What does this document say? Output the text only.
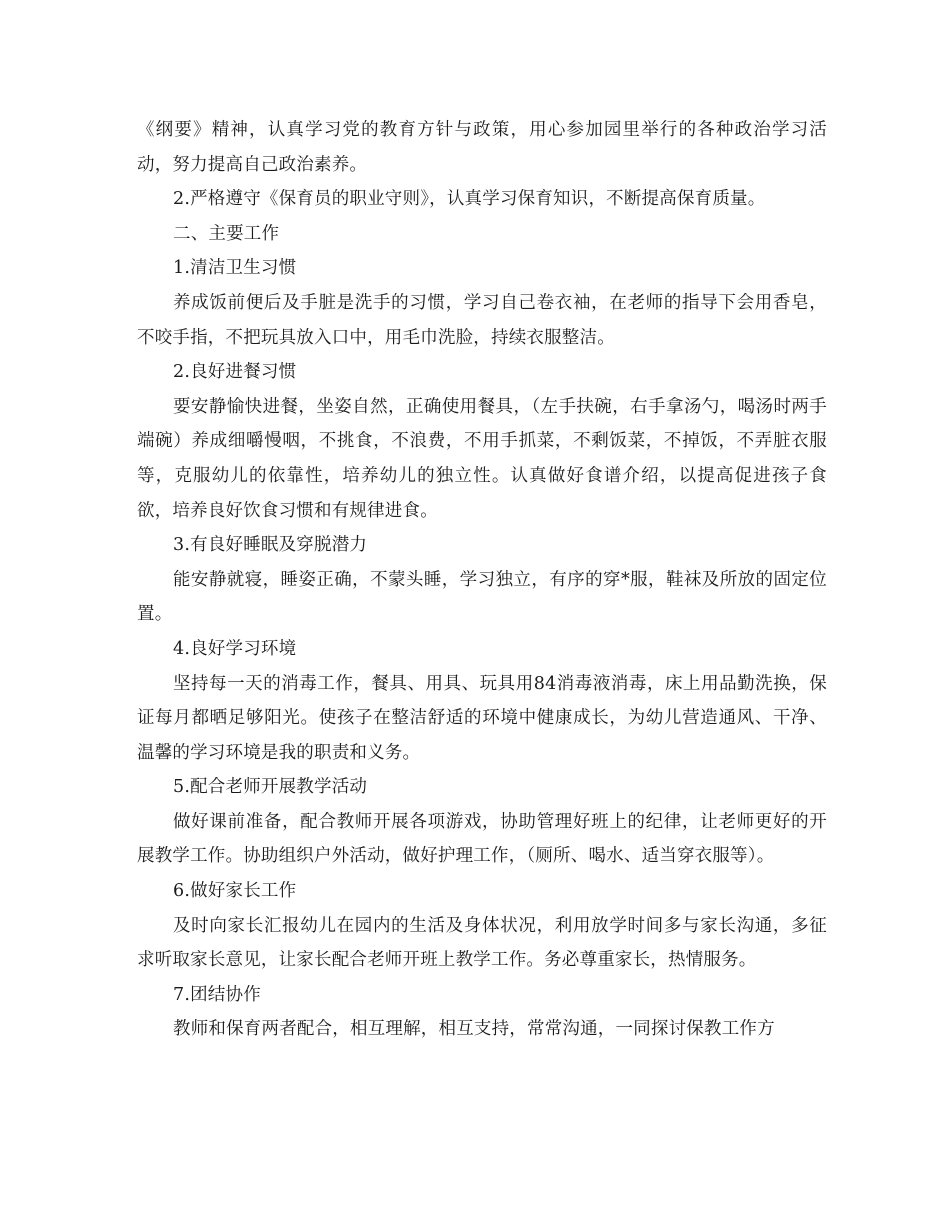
《纲要》精神，认真学习党的教育方针与政策，用心参加园里举行的各种政治学习活动，努力提高自己政治素养。

2.严格遵守《保育员的职业守则》，认真学习保育知识，不断提高保育质量。

二、主要工作

1.清洁卫生习惯

养成饭前便后及手脏是洗手的习惯，学习自己卷衣袖，在老师的指导下会用香皂，不咬手指，不把玩具放入口中，用毛巾洗脸，持续衣服整洁。

2.良好进餐习惯

要安静愉快进餐，坐姿自然，正确使用餐具，（左手扶碗，右手拿汤勺，喝汤时两手端碗）养成细嚼慢咽，不挑食，不浪费，不用手抓菜，不剩饭菜，不掉饭，不弄脏衣服等，克服幼儿的依靠性，培养幼儿的独立性。认真做好食谱介绍，以提高促进孩子食欲，培养良好饮食习惯和有规律进食。

3.有良好睡眠及穿脱潜力

能安静就寝，睡姿正确，不蒙头睡，学习独立，有序的穿*服，鞋袜及所放的固定位置。

4.良好学习环境

坚持每一天的消毒工作，餐具、用具、玩具用84消毒液消毒，床上用品勤洗换，保证每月都晒足够阳光。使孩子在整洁舒适的环境中健康成长，为幼儿营造通风、干净、温馨的学习环境是我的职责和义务。

5.配合老师开展教学活动

做好课前准备，配合教师开展各项游戏，协助管理好班上的纪律，让老师更好的开展教学工作。协助组织户外活动，做好护理工作，（厕所、喝水、适当穿衣服等）。

6.做好家长工作

及时向家长汇报幼儿在园内的生活及身体状况，利用放学时间多与家长沟通，多征求听取家长意见，让家长配合老师开班上教学工作。务必尊重家长，热情服务。

7.团结协作

教师和保育两者配合，相互理解，相互支持，常常沟通，一同探讨保教工作方
